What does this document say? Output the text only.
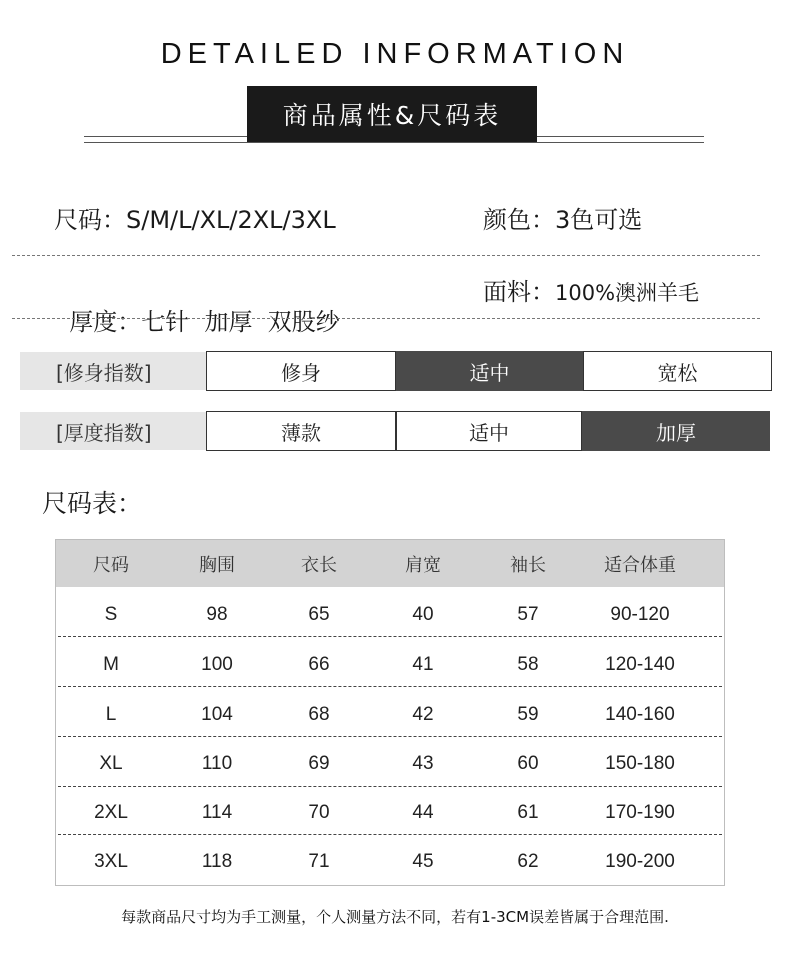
DETAILED INFORMATION
商品属性&尺码表
尺码：S/M/L/XL/2XL/3XL	颜色：3色可选

厚度：七针  加厚  双股纱

面料：100%澳洲羊毛
[修身指数]	修身	适中	宽松
[厚度指数]	薄款	适中	加厚
尺码表：
尺码	胸围	衣长	肩宽	袖长	适合体重
S	98	65	40	57	90-120
M	100	66	41	58	120-140
L	104	68	42	59	140-160
XL	110	69	43	60	150-180
2XL	114	70	44	61	170-190
3XL	118	71	45	62	190-200
每款商品尺寸均为手工测量，个人测量方法不同，若有1-3CM误差皆属于合理范围.
